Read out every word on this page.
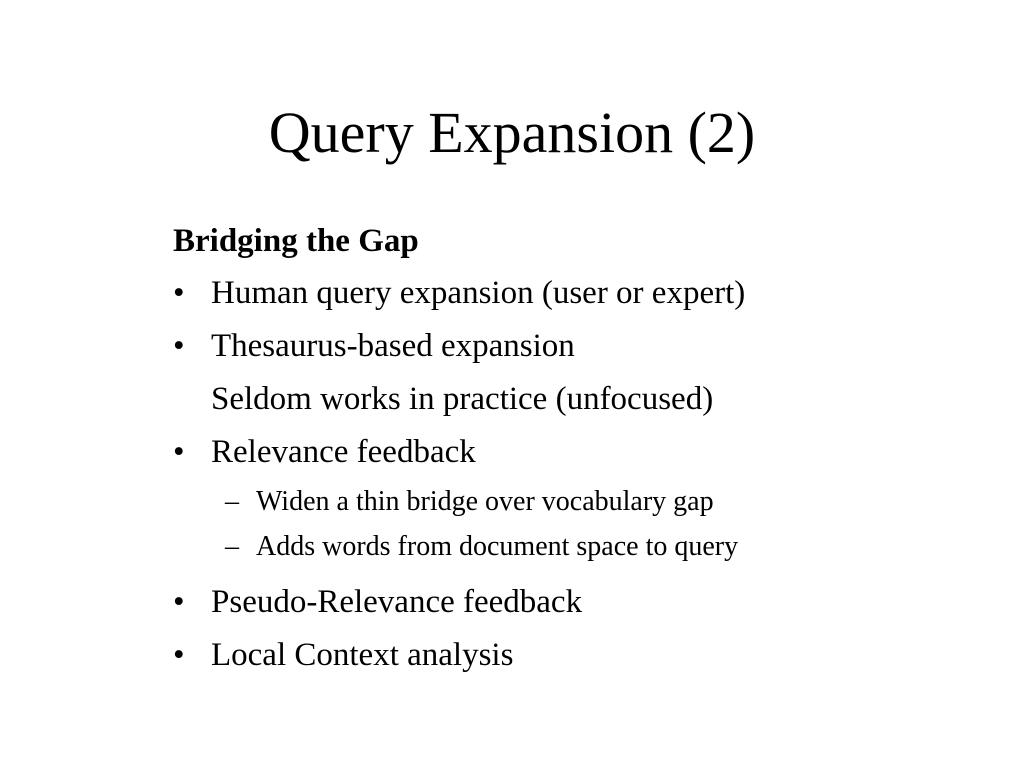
Query Expansion (2)
Bridging the Gap
• Human query expansion (user or expert)
• Thesaurus-based expansion
Seldom works in practice (unfocused)
• Relevance feedback
– Widen a thin bridge over vocabulary gap
– Adds words from document space to query
• Pseudo-Relevance feedback
• Local Context analysis
